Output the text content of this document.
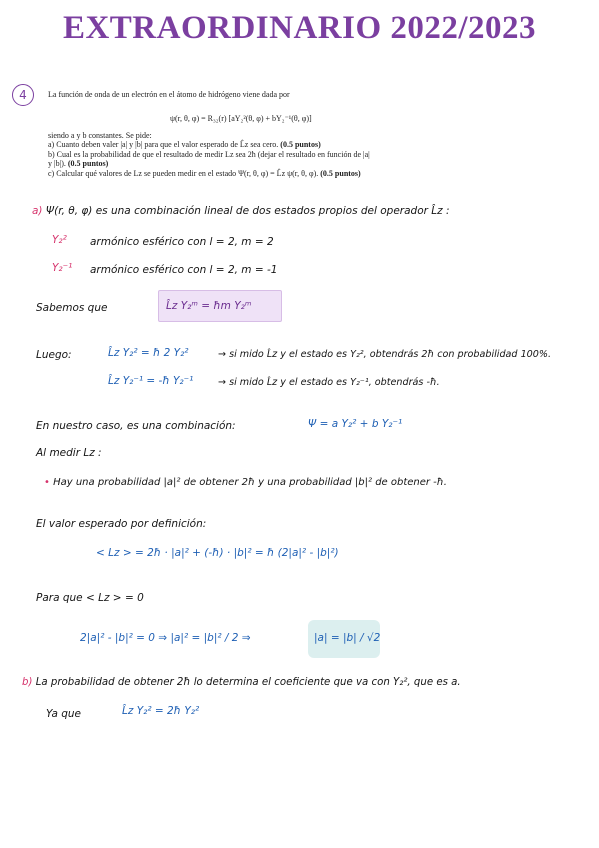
EXTRAORDINARIO 2022/2023
4	La función de onda de un electrón en el átomo de hidrógeno viene dada por
ψ(r, θ, φ) = R₃₂(r) [aY₂²(θ, φ) + bY₂⁻¹(θ, φ)]
siendo a y b constantes. Se pide:
a) Cuanto deben valer |a| y |b| para que el valor esperado de L̂z sea cero. (0.5 puntos)
b) Cual es la probabilidad de que el resultado de medir Lz sea 2ħ (dejar el resultado en función de |a|
y |b|). (0.5 puntos)
c) Calcular qué valores de Lz se pueden medir en el estado Ψ(r, θ, φ) = L̂z ψ(r, θ, φ). (0.5 puntos)
a) Ψ(r, θ, φ) es una combinación lineal de dos estados propios del operador L̂z :
Y₂² armónico esférico con l = 2, m = 2
Y₂⁻¹ armónico esférico con l = 2, m = -1
Sabemos que	L̂z Y₂ᵐ = ħm Y₂ᵐ
Luego:	L̂z Y₂² = ħ 2 Y₂²	→ si mido L̂z y el estado es Y₂², obtendrás 2ħ con probabilidad 100%.
L̂z Y₂⁻¹ = -ħ Y₂⁻¹	→ si mido L̂z y el estado es Y₂⁻¹, obtendrás -ħ.
En nuestro caso, es una combinación:	Ψ = a Y₂² + b Y₂⁻¹
Al medir Lz :
• Hay una probabilidad |a|² de obtener 2ħ y una probabilidad |b|² de obtener -ħ.
El valor esperado por definición:
< Lz > = 2ħ · |a|² + (-ħ) · |b|² = ħ (2|a|² - |b|²)
Para que < Lz > = 0
2|a|² - |b|² = 0 ⇒ |a|² = |b|² / 2 ⇒	|a| = |b| / √2
b) La probabilidad de obtener 2ħ lo determina el coeficiente que va con Y₂², que es a.
Ya que	L̂z Y₂² = 2ħ Y₂²
